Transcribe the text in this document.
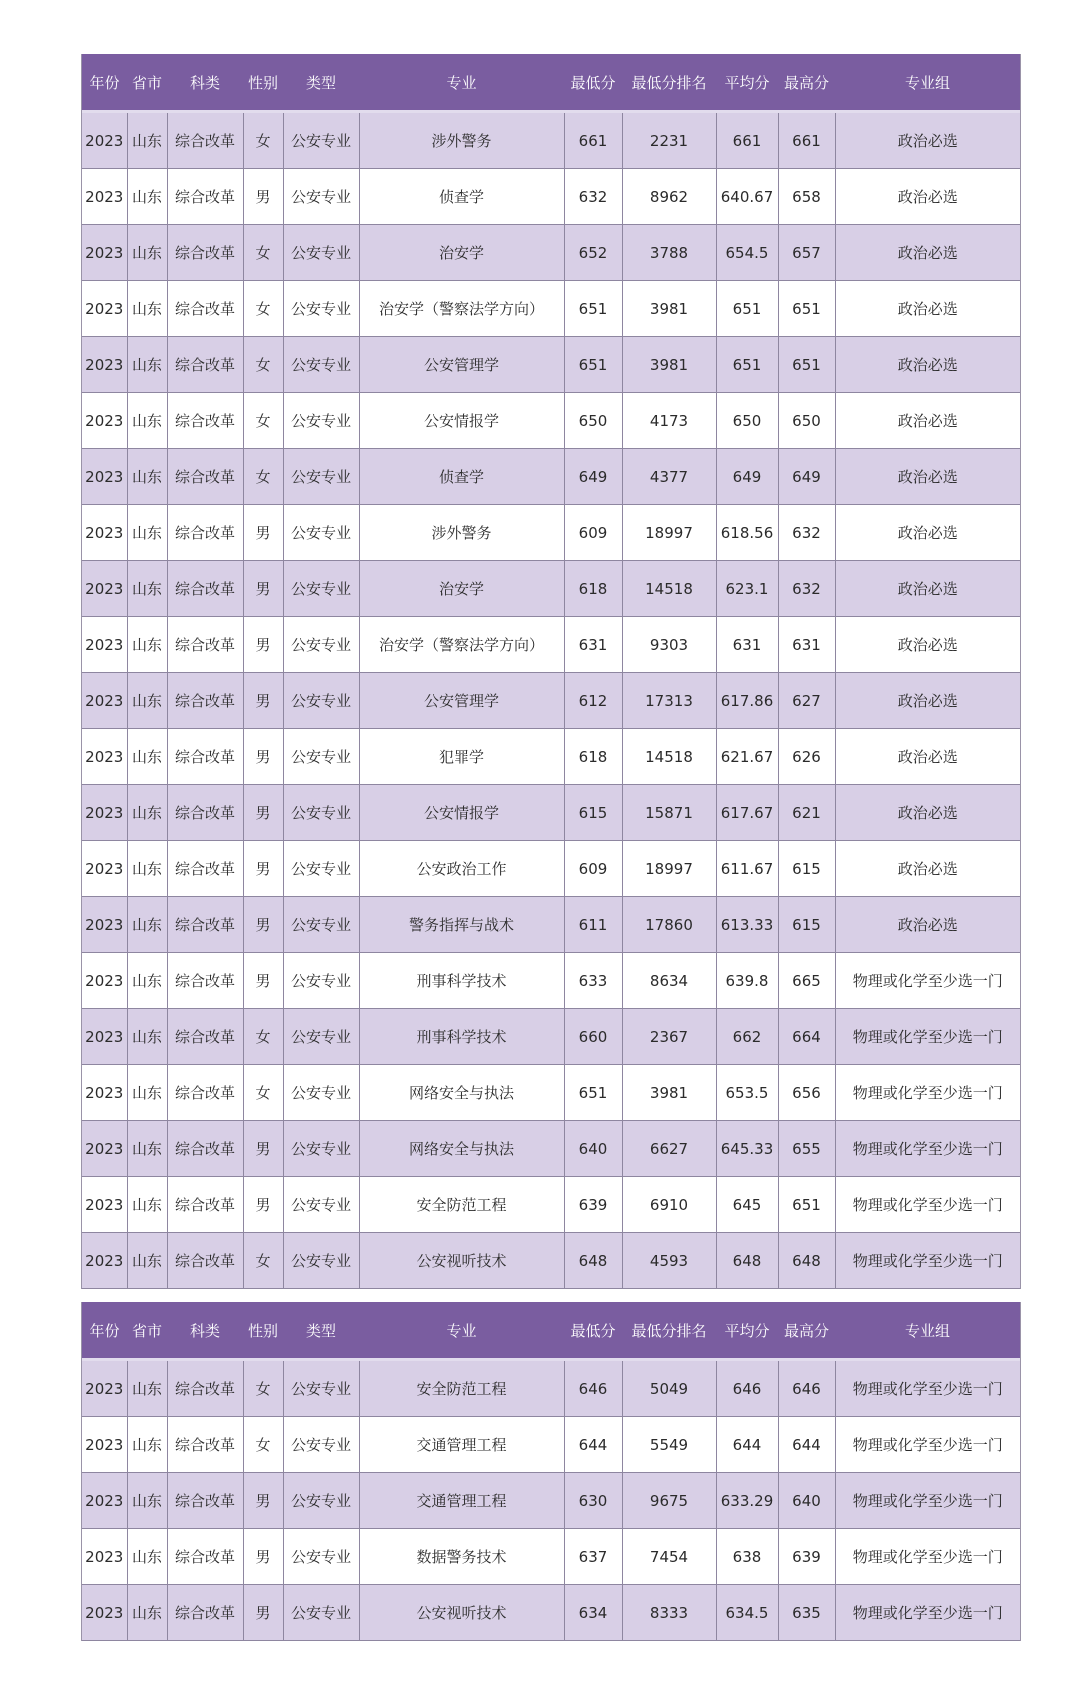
年份	省市	科类	性别	类型	专业	最低分	最低分排名	平均分	最高分	专业组
2023	山东	综合改革	女	公安专业	涉外警务	661	2231	661	661	政治必选
2023	山东	综合改革	男	公安专业	侦查学	632	8962	640.67	658	政治必选
2023	山东	综合改革	女	公安专业	治安学	652	3788	654.5	657	政治必选
2023	山东	综合改革	女	公安专业	治安学（警察法学方向）	651	3981	651	651	政治必选
2023	山东	综合改革	女	公安专业	公安管理学	651	3981	651	651	政治必选
2023	山东	综合改革	女	公安专业	公安情报学	650	4173	650	650	政治必选
2023	山东	综合改革	女	公安专业	侦查学	649	4377	649	649	政治必选
2023	山东	综合改革	男	公安专业	涉外警务	609	18997	618.56	632	政治必选
2023	山东	综合改革	男	公安专业	治安学	618	14518	623.1	632	政治必选
2023	山东	综合改革	男	公安专业	治安学（警察法学方向）	631	9303	631	631	政治必选
2023	山东	综合改革	男	公安专业	公安管理学	612	17313	617.86	627	政治必选
2023	山东	综合改革	男	公安专业	犯罪学	618	14518	621.67	626	政治必选
2023	山东	综合改革	男	公安专业	公安情报学	615	15871	617.67	621	政治必选
2023	山东	综合改革	男	公安专业	公安政治工作	609	18997	611.67	615	政治必选
2023	山东	综合改革	男	公安专业	警务指挥与战术	611	17860	613.33	615	政治必选
2023	山东	综合改革	男	公安专业	刑事科学技术	633	8634	639.8	665	物理或化学至少选一门
2023	山东	综合改革	女	公安专业	刑事科学技术	660	2367	662	664	物理或化学至少选一门
2023	山东	综合改革	女	公安专业	网络安全与执法	651	3981	653.5	656	物理或化学至少选一门
2023	山东	综合改革	男	公安专业	网络安全与执法	640	6627	645.33	655	物理或化学至少选一门
2023	山东	综合改革	男	公安专业	安全防范工程	639	6910	645	651	物理或化学至少选一门
2023	山东	综合改革	女	公安专业	公安视听技术	648	4593	648	648	物理或化学至少选一门
年份	省市	科类	性别	类型	专业	最低分	最低分排名	平均分	最高分	专业组
2023	山东	综合改革	女	公安专业	安全防范工程	646	5049	646	646	物理或化学至少选一门
2023	山东	综合改革	女	公安专业	交通管理工程	644	5549	644	644	物理或化学至少选一门
2023	山东	综合改革	男	公安专业	交通管理工程	630	9675	633.29	640	物理或化学至少选一门
2023	山东	综合改革	男	公安专业	数据警务技术	637	7454	638	639	物理或化学至少选一门
2023	山东	综合改革	男	公安专业	公安视听技术	634	8333	634.5	635	物理或化学至少选一门
